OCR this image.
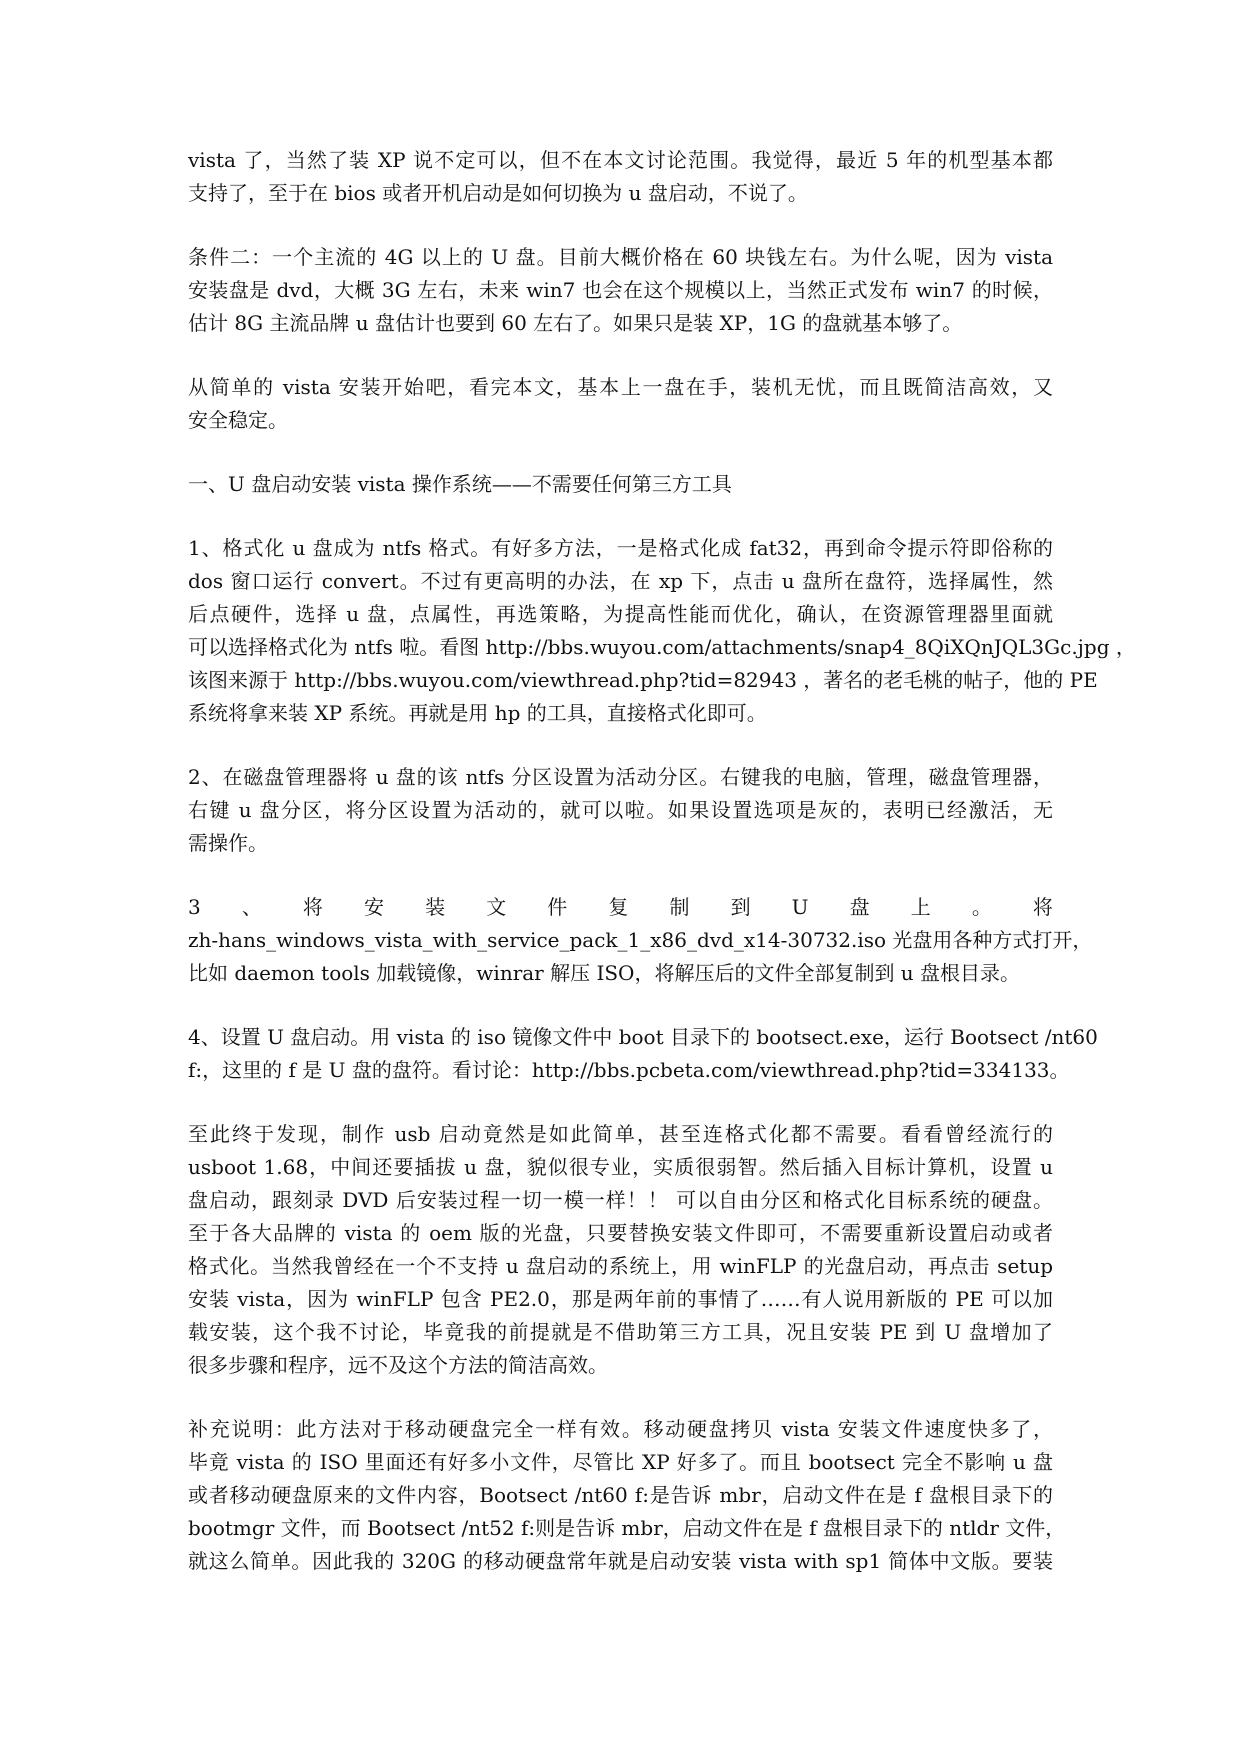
vista 了，当然了装 XP 说不定可以，但不在本文讨论范围。我觉得，最近 5 年的机型基本都
支持了，至于在 bios 或者开机启动是如何切换为 u 盘启动，不说了。
条件二：一个主流的 4G 以上的 U 盘。目前大概价格在 60 块钱左右。为什么呢，因为 vista
安装盘是 dvd，大概 3G 左右，未来 win7 也会在这个规模以上，当然正式发布 win7 的时候，
估计 8G 主流品牌 u 盘估计也要到 60 左右了。如果只是装 XP，1G 的盘就基本够了。
从简单的 vista 安装开始吧，看完本文，基本上一盘在手，装机无忧，而且既简洁高效，又
安全稳定。
一、U 盘启动安装 vista 操作系统——不需要任何第三方工具
1、格式化 u 盘成为 ntfs 格式。有好多方法，一是格式化成 fat32，再到命令提示符即俗称的
dos 窗口运行 convert。不过有更高明的办法，在 xp 下，点击 u 盘所在盘符，选择属性，然
后点硬件，选择 u 盘，点属性，再选策略，为提高性能而优化，确认，在资源管理器里面就
可以选择格式化为 ntfs 啦。看图 http://bbs.wuyou.com/attachments/snap4_8QiXQnJQL3Gc.jpg ，
该图来源于 http://bbs.wuyou.com/viewthread.php?tid=82943 ，著名的老毛桃的帖子，他的 PE
系统将拿来装 XP 系统。再就是用 hp 的工具，直接格式化即可。
2、在磁盘管理器将 u 盘的该 ntfs 分区设置为活动分区。右键我的电脑，管理，磁盘管理器，
右键 u 盘分区，将分区设置为活动的，就可以啦。如果设置选项是灰的，表明已经激活，无
需操作。
3 、 将 安 装 文 件 复 制 到 U 盘 上 。 将
zh-hans_windows_vista_with_service_pack_1_x86_dvd_x14-30732.iso 光盘用各种方式打开，
比如 daemon tools 加载镜像，winrar 解压 ISO，将解压后的文件全部复制到 u 盘根目录。
4、设置 U 盘启动。用 vista 的 iso 镜像文件中 boot 目录下的 bootsect.exe，运行 Bootsect /nt60
f:，这里的 f 是 U 盘的盘符。看讨论：http://bbs.pcbeta.com/viewthread.php?tid=334133。
至此终于发现，制作 usb 启动竟然是如此简单，甚至连格式化都不需要。看看曾经流行的
usboot 1.68，中间还要插拔 u 盘，貌似很专业，实质很弱智。然后插入目标计算机，设置 u
盘启动，跟刻录 DVD 后安装过程一切一模一样！！ 可以自由分区和格式化目标系统的硬盘。
至于各大品牌的 vista 的 oem 版的光盘，只要替换安装文件即可，不需要重新设置启动或者
格式化。当然我曾经在一个不支持 u 盘启动的系统上，用 winFLP 的光盘启动，再点击 setup
安装 vista，因为 winFLP 包含 PE2.0，那是两年前的事情了……有人说用新版的 PE 可以加
载安装，这个我不讨论，毕竟我的前提就是不借助第三方工具，况且安装 PE 到 U 盘增加了
很多步骤和程序，远不及这个方法的简洁高效。
补充说明：此方法对于移动硬盘完全一样有效。移动硬盘拷贝 vista 安装文件速度快多了，
毕竟 vista 的 ISO 里面还有好多小文件，尽管比 XP 好多了。而且 bootsect 完全不影响 u 盘
或者移动硬盘原来的文件内容，Bootsect /nt60 f:是告诉 mbr，启动文件在是 f 盘根目录下的
bootmgr 文件，而 Bootsect /nt52 f:则是告诉 mbr，启动文件在是 f 盘根目录下的 ntldr 文件，
就这么简单。因此我的 320G 的移动硬盘常年就是启动安装 vista with sp1 简体中文版。要装
